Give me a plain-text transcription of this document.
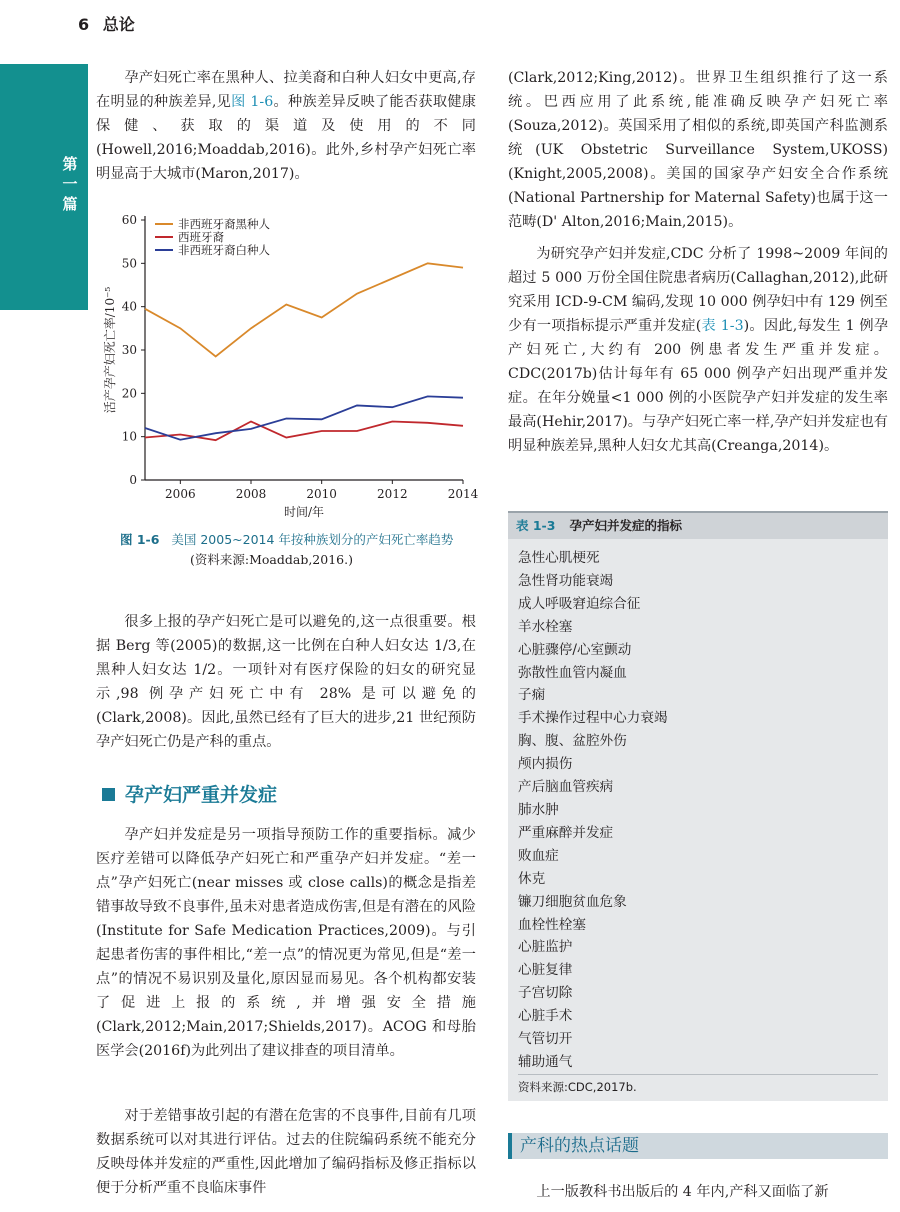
6 总论
第一篇

孕产妇死亡率在黑种人、拉美裔和白种人妇女中更高,存在明显的种族差异,见图 1-6。种族差异反映了能否获取健康保健、获取的渠道及使用的不同(Howell,2016;Moaddab,2016)。此外,乡村孕产妇死亡率明显高于大城市(Maron,2017)。

0
10
20
30
40
50
60
2006	2008	2010	2012	2014
时间/年
活产孕产妇死亡率/10⁻⁵
非西班牙裔黑种人
西班牙裔
非西班牙裔白种人
图 1-6 美国 2005~2014 年按种族划分的产妇死亡率趋势
(资料来源:Moaddab,2016.)

很多上报的孕产妇死亡是可以避免的,这一点很重要。根据 Berg 等(2005)的数据,这一比例在白种人妇女达 1/3,在黑种人妇女达 1/2。一项针对有医疗保险的妇女的研究显示,98 例孕产妇死亡中有 28% 是可以避免的(Clark,2008)。因此,虽然已经有了巨大的进步,21 世纪预防孕产妇死亡仍是产科的重点。

孕产妇严重并发症

孕产妇并发症是另一项指导预防工作的重要指标。减少医疗差错可以降低孕产妇死亡和严重孕产妇并发症。“差一点”孕产妇死亡(near misses 或 close calls)的概念是指差错事故导致不良事件,虽未对患者造成伤害,但是有潜在的风险(Institute for Safe Medication Practices,2009)。与引起患者伤害的事件相比,“差一点”的情况更为常见,但是“差一点”的情况不易识别及量化,原因显而易见。各个机构都安装了促进上报的系统,并增强安全措施(Clark,2012;Main,2017;Shields,2017)。ACOG 和母胎医学会(2016f)为此列出了建议排查的项目清单。

对于差错事故引起的有潜在危害的不良事件,目前有几项数据系统可以对其进行评估。过去的住院编码系统不能充分反映母体并发症的严重性,因此增加了编码指标及修正指标以便于分析严重不良临床事件

(Clark,2012;King,2012)。世界卫生组织推行了这一系统。巴西应用了此系统,能准确反映孕产妇死亡率(Souza,2012)。英国采用了相似的系统,即英国产科监测系统(UK Obstetric Surveillance System,UKOSS)(Knight,2005,2008)。美国的国家孕产妇安全合作系统(National Partnership for Maternal Safety)也属于这一范畴(D' Alton,2016;Main,2015)。

为研究孕产妇并发症,CDC 分析了 1998~2009 年间的超过 5 000 万份全国住院患者病历(Callaghan,2012),此研究采用 ICD-9-CM 编码,发现 10 000 例孕妇中有 129 例至少有一项指标提示严重并发症(表 1-3)。因此,每发生 1 例孕产妇死亡,大约有 200 例患者发生严重并发症。CDC(2017b)估计每年有 65 000 例孕产妇出现严重并发症。在年分娩量<1 000 例的小医院孕产妇并发症的发生率最高(Hehir,2017)。与孕产妇死亡率一样,孕产妇并发症也有明显种族差异,黑种人妇女尤其高(Creanga,2014)。

表 1-3 孕产妇并发症的指标
急性心肌梗死
急性肾功能衰竭
成人呼吸窘迫综合征
羊水栓塞
心脏骤停/心室颤动
弥散性血管内凝血
子痫
手术操作过程中心力衰竭
胸、腹、盆腔外伤
颅内损伤
产后脑血管疾病
肺水肿
严重麻醉并发症
败血症
休克
镰刀细胞贫血危象
血栓性栓塞
心脏监护
心脏复律
子宫切除
心脏手术
气管切开
辅助通气
资料来源:CDC,2017b.
产科的热点话题

上一版教科书出版后的 4 年内,产科又面临了新
